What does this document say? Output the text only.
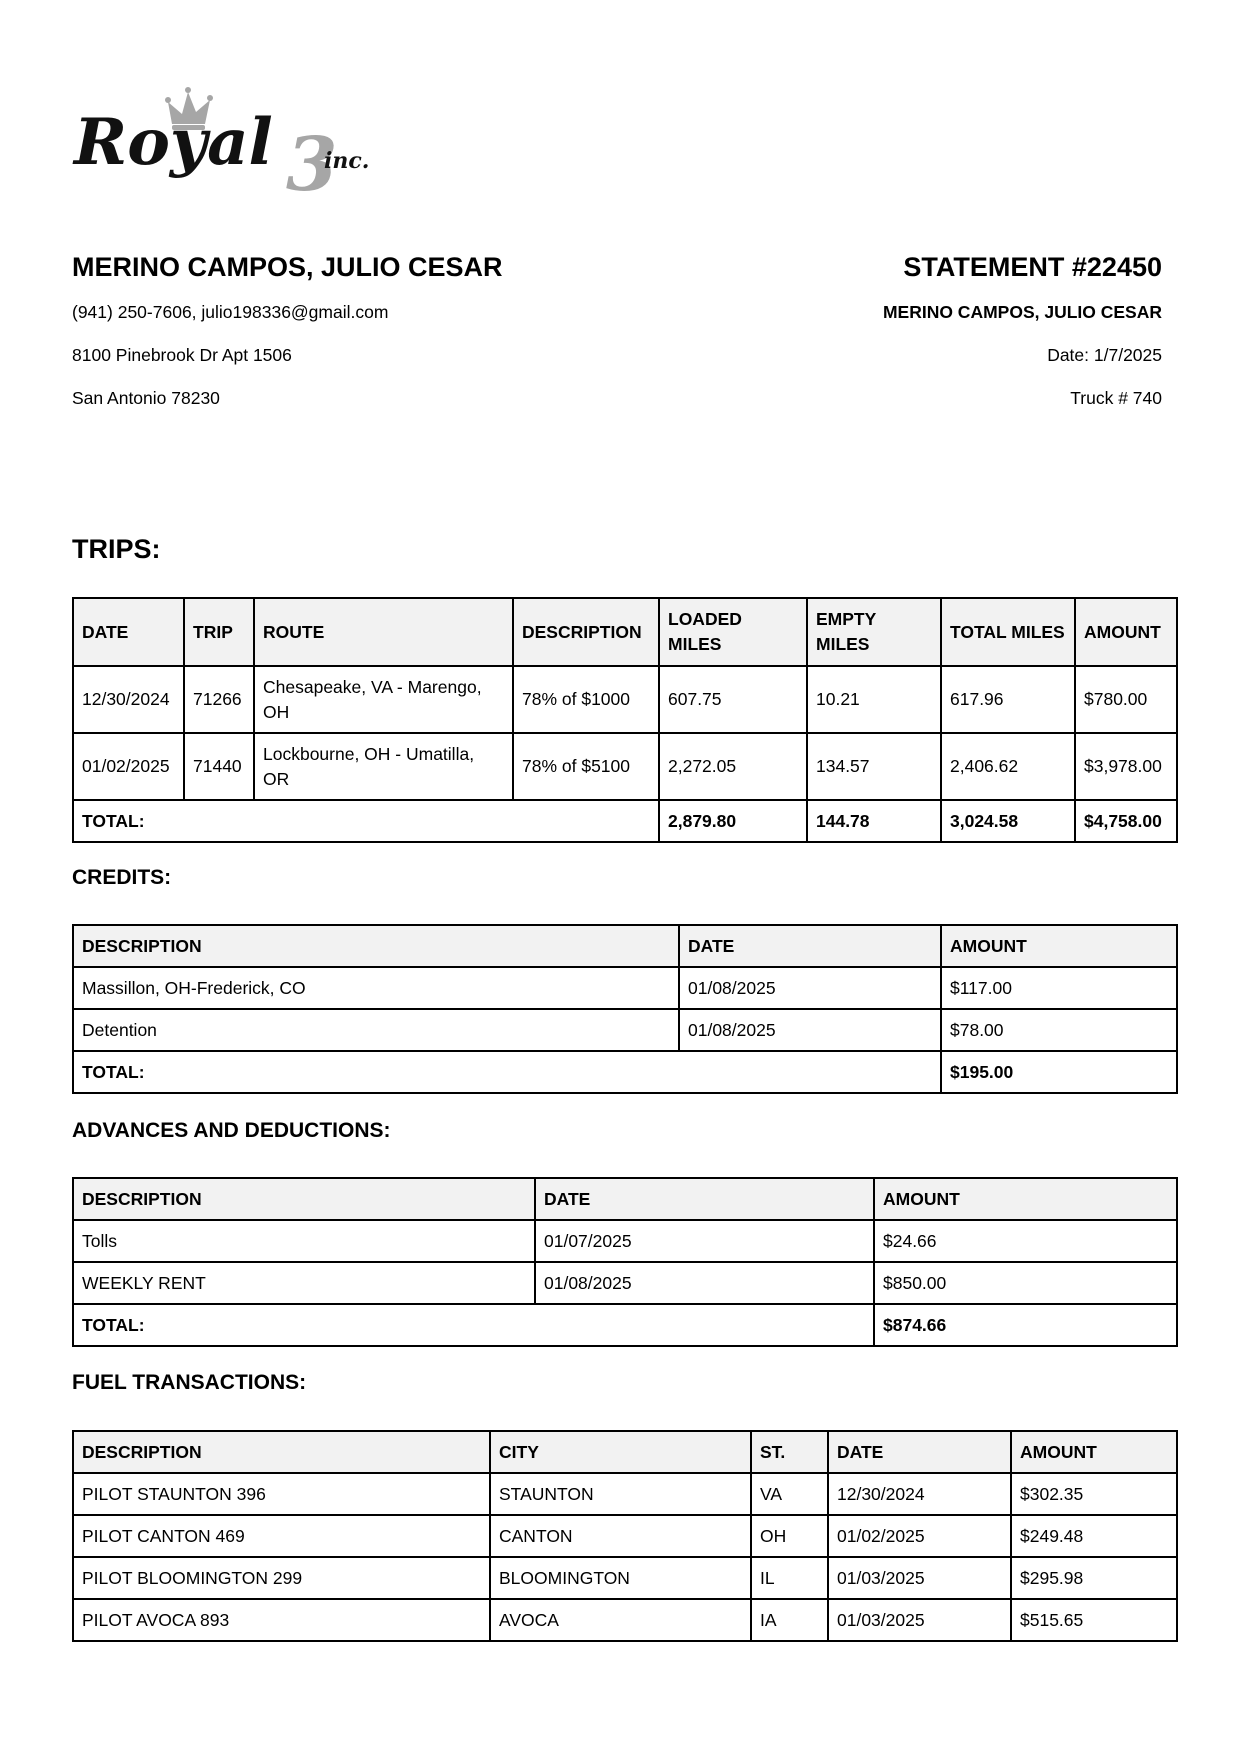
3
Royal inc.
MERINO CAMPOS, JULIO CESAR
(941) 250-7606, julio198336@gmail.com
8100 Pinebrook Dr Apt 1506
San Antonio 78230
STATEMENT #22450
MERINO CAMPOS, JULIO CESAR
Date: 1/7/2025
Truck # 740
TRIPS:
DATE	TRIP	ROUTE	DESCRIPTION	LOADED MILES	EMPTY MILES	TOTAL MILES	AMOUNT
12/30/2024	71266	Chesapeake, VA - Marengo, OH	78% of $1000	607.75	10.21	617.96	$780.00
01/02/2025	71440	Lockbourne, OH - Umatilla, OR	78% of $5100	2,272.05	134.57	2,406.62	$3,978.00
TOTAL:				2,879.80	144.78	3,024.58	$4,758.00
CREDITS:
DESCRIPTION	DATE	AMOUNT
Massillon, OH-Frederick, CO	01/08/2025	$117.00
Detention	01/08/2025	$78.00
TOTAL:		$195.00
ADVANCES AND DEDUCTIONS:
DESCRIPTION	DATE	AMOUNT
Tolls	01/07/2025	$24.66
WEEKLY RENT	01/08/2025	$850.00
TOTAL:		$874.66
FUEL TRANSACTIONS:
DESCRIPTION	CITY	ST.	DATE	AMOUNT
PILOT STAUNTON 396	STAUNTON	VA	12/30/2024	$302.35
PILOT CANTON 469	CANTON	OH	01/02/2025	$249.48
PILOT BLOOMINGTON 299	BLOOMINGTON	IL	01/03/2025	$295.98
PILOT AVOCA 893	AVOCA	IA	01/03/2025	$515.65
